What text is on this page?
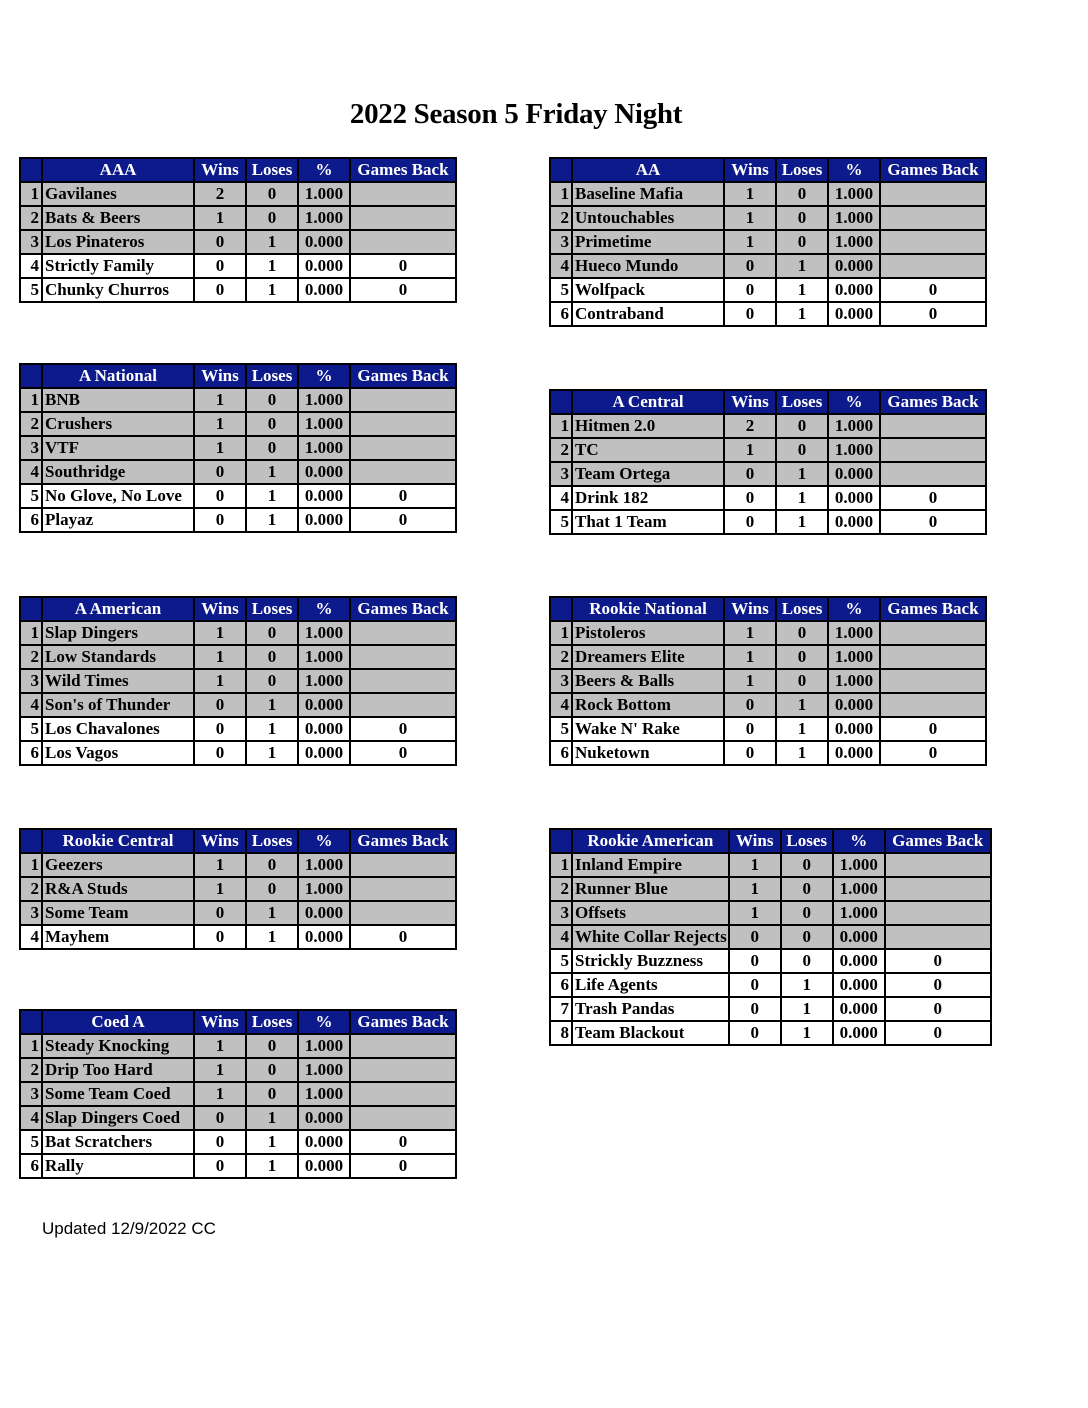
2022 Season 5 Friday Night
	AAA	Wins	Loses	%	Games Back
1	Gavilanes	2	0	1.000	
2	Bats & Beers	1	0	1.000	
3	Los Pinateros	0	1	0.000	
4	Strictly Family	0	1	0.000	0
5	Chunky Churros	0	1	0.000	0
	AA	Wins	Loses	%	Games Back
1	Baseline Mafia	1	0	1.000	
2	Untouchables	1	0	1.000	
3	Primetime	1	0	1.000	
4	Hueco Mundo	0	1	0.000	
5	Wolfpack	0	1	0.000	0
6	Contraband	0	1	0.000	0
	A National	Wins	Loses	%	Games Back
1	BNB	1	0	1.000	
2	Crushers	1	0	1.000	
3	VTF	1	0	1.000	
4	Southridge	0	1	0.000	
5	No Glove, No Love	0	1	0.000	0
6	Playaz	0	1	0.000	0
	A Central	Wins	Loses	%	Games Back
1	Hitmen 2.0	2	0	1.000	
2	TC	1	0	1.000	
3	Team Ortega	0	1	0.000	
4	Drink 182	0	1	0.000	0
5	That 1 Team	0	1	0.000	0
	A American	Wins	Loses	%	Games Back
1	Slap Dingers	1	0	1.000	
2	Low Standards	1	0	1.000	
3	Wild Times	1	0	1.000	
4	Son's of Thunder	0	1	0.000	
5	Los Chavalones	0	1	0.000	0
6	Los Vagos	0	1	0.000	0
	Rookie National	Wins	Loses	%	Games Back
1	Pistoleros	1	0	1.000	
2	Dreamers Elite	1	0	1.000	
3	Beers & Balls	1	0	1.000	
4	Rock Bottom	0	1	0.000	
5	Wake N' Rake	0	1	0.000	0
6	Nuketown	0	1	0.000	0
	Rookie Central	Wins	Loses	%	Games Back
1	Geezers	1	0	1.000	
2	R&A Studs	1	0	1.000	
3	Some Team	0	1	0.000	
4	Mayhem	0	1	0.000	0
	Rookie American	Wins	Loses	%	Games Back
1	Inland Empire	1	0	1.000	
2	Runner Blue	1	0	1.000	
3	Offsets	1	0	1.000	
4	White Collar Rejects	0	0	0.000	
5	Strickly Buzzness	0	0	0.000	0
6	Life Agents	0	1	0.000	0
7	Trash Pandas	0	1	0.000	0
8	Team Blackout	0	1	0.000	0
	Coed A	Wins	Loses	%	Games Back
1	Steady Knocking	1	0	1.000	
2	Drip Too Hard	1	0	1.000	
3	Some Team Coed	1	0	1.000	
4	Slap Dingers Coed	0	1	0.000	
5	Bat Scratchers	0	1	0.000	0
6	Rally	0	1	0.000	0
Updated 12/9/2022 CC
